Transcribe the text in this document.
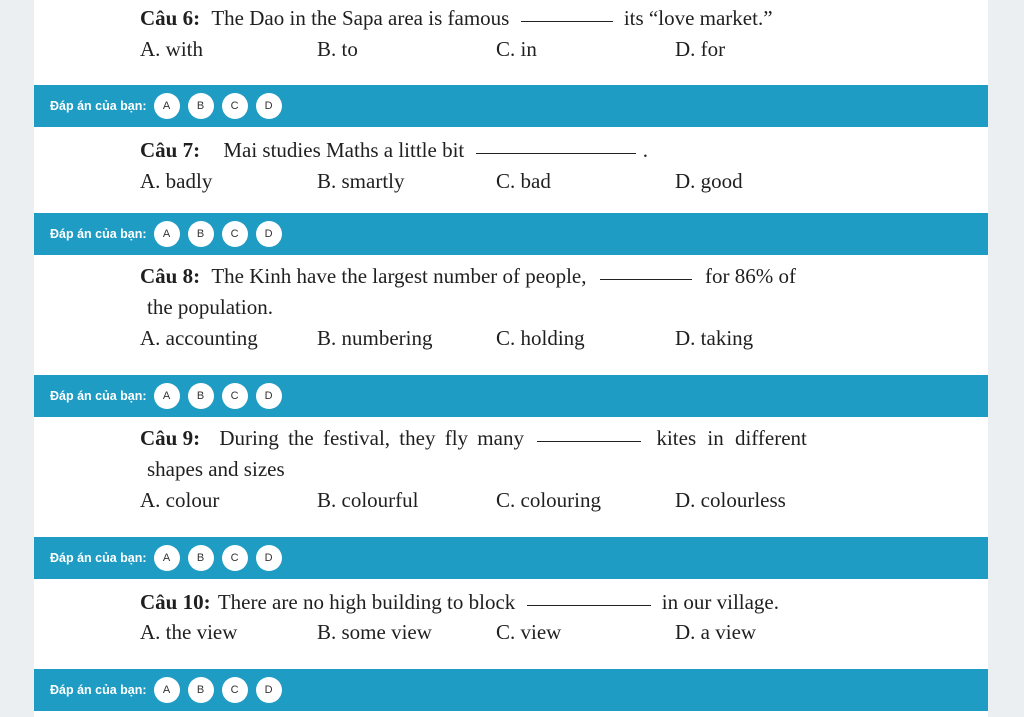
Câu 6: The Dao in the Sapa area is famous	its “love market.”
A. with	B. to	C. in	D. for
Đáp án của bạn:	A	B	C	D
Câu 7: Mai studies Maths a little bit	.
A. badly	B. smartly	C. bad	D. good
Đáp án của bạn:	A	B	C	D
Câu 8: The Kinh have the largest number of people,	for 86% of
the population.
A. accounting	B. numbering	C. holding	D. taking
Đáp án của bạn:	A	B	C	D
Câu 9: During the festival, they fly many	kites in different
shapes and sizes
A. colour	B. colourful	C. colouring	D. colourless
Đáp án của bạn:	A	B	C	D
Câu 10: There are no high building to block	in our village.
A. the view	B. some view	C. view	D. a view
Đáp án của bạn:	A	B	C	D
